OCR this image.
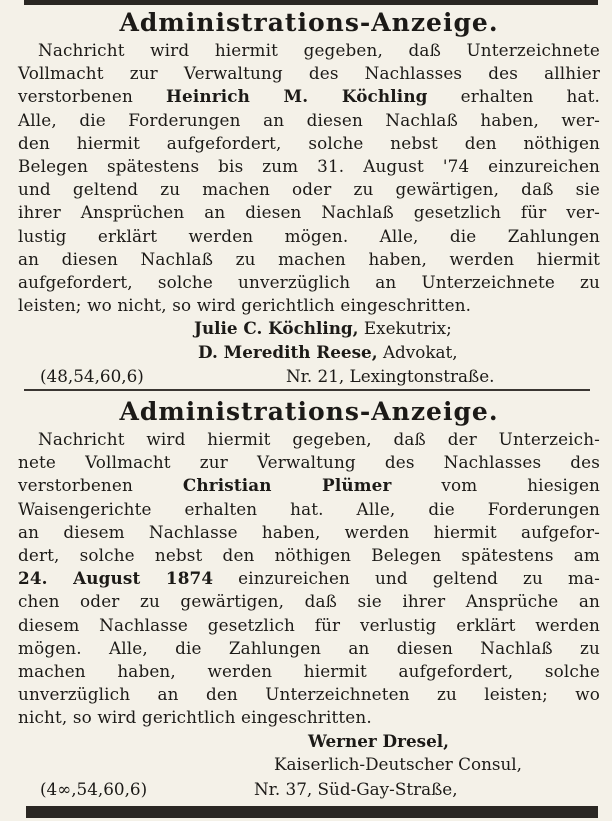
Administrations-Anzeige.
Nachricht wird hiermit gegeben, daß Unterzeichnete
Vollmacht zur Verwaltung des Nachlasses des allhier
verstorbenen Heinrich M. Köchling erhalten hat.
Alle, die Forderungen an diesen Nachlaß haben, wer-
den hiermit aufgefordert, solche nebst den nöthigen
Belegen spätestens bis zum 31. August '74 einzureichen
und geltend zu machen oder zu gewärtigen, daß sie
ihrer Ansprüchen an diesen Nachlaß gesetzlich für ver-
lustig erklärt werden mögen. Alle, die Zahlungen
an diesen Nachlaß zu machen haben, werden hiermit
aufgefordert, solche unverzüglich an Unterzeichnete zu
leisten; wo nicht, so wird gerichtlich eingeschritten.
Julie C. Köchling, Exekutrix;
D. Meredith Reese, Advokat,
(48,54,60,6)	Nr. 21, Lexingtonstraße.
Administrations-Anzeige.
Nachricht wird hiermit gegeben, daß der Unterzeich-
nete Vollmacht zur Verwaltung des Nachlasses des
verstorbenen	Christian Plümer	vom hiesigen
Waisengerichte erhalten hat. Alle, die Forderungen
an diesem Nachlasse haben, werden hiermit aufgefor-
dert, solche nebst den nöthigen Belegen spätestens am
24. August 1874 einzureichen und geltend zu ma-
chen oder zu gewärtigen, daß sie ihrer Ansprüche an
diesem Nachlasse gesetzlich für verlustig erklärt werden
mögen. Alle, die Zahlungen an diesen Nachlaß zu
machen haben, werden hiermit aufgefordert, solche
unverzüglich an den Unterzeichneten zu leisten; wo
nicht, so wird gerichtlich eingeschritten.
Werner Dresel,
Kaiserlich-Deutscher Consul,
(4∞,54,60,6)	Nr. 37, Süd-Gay-Straße,
